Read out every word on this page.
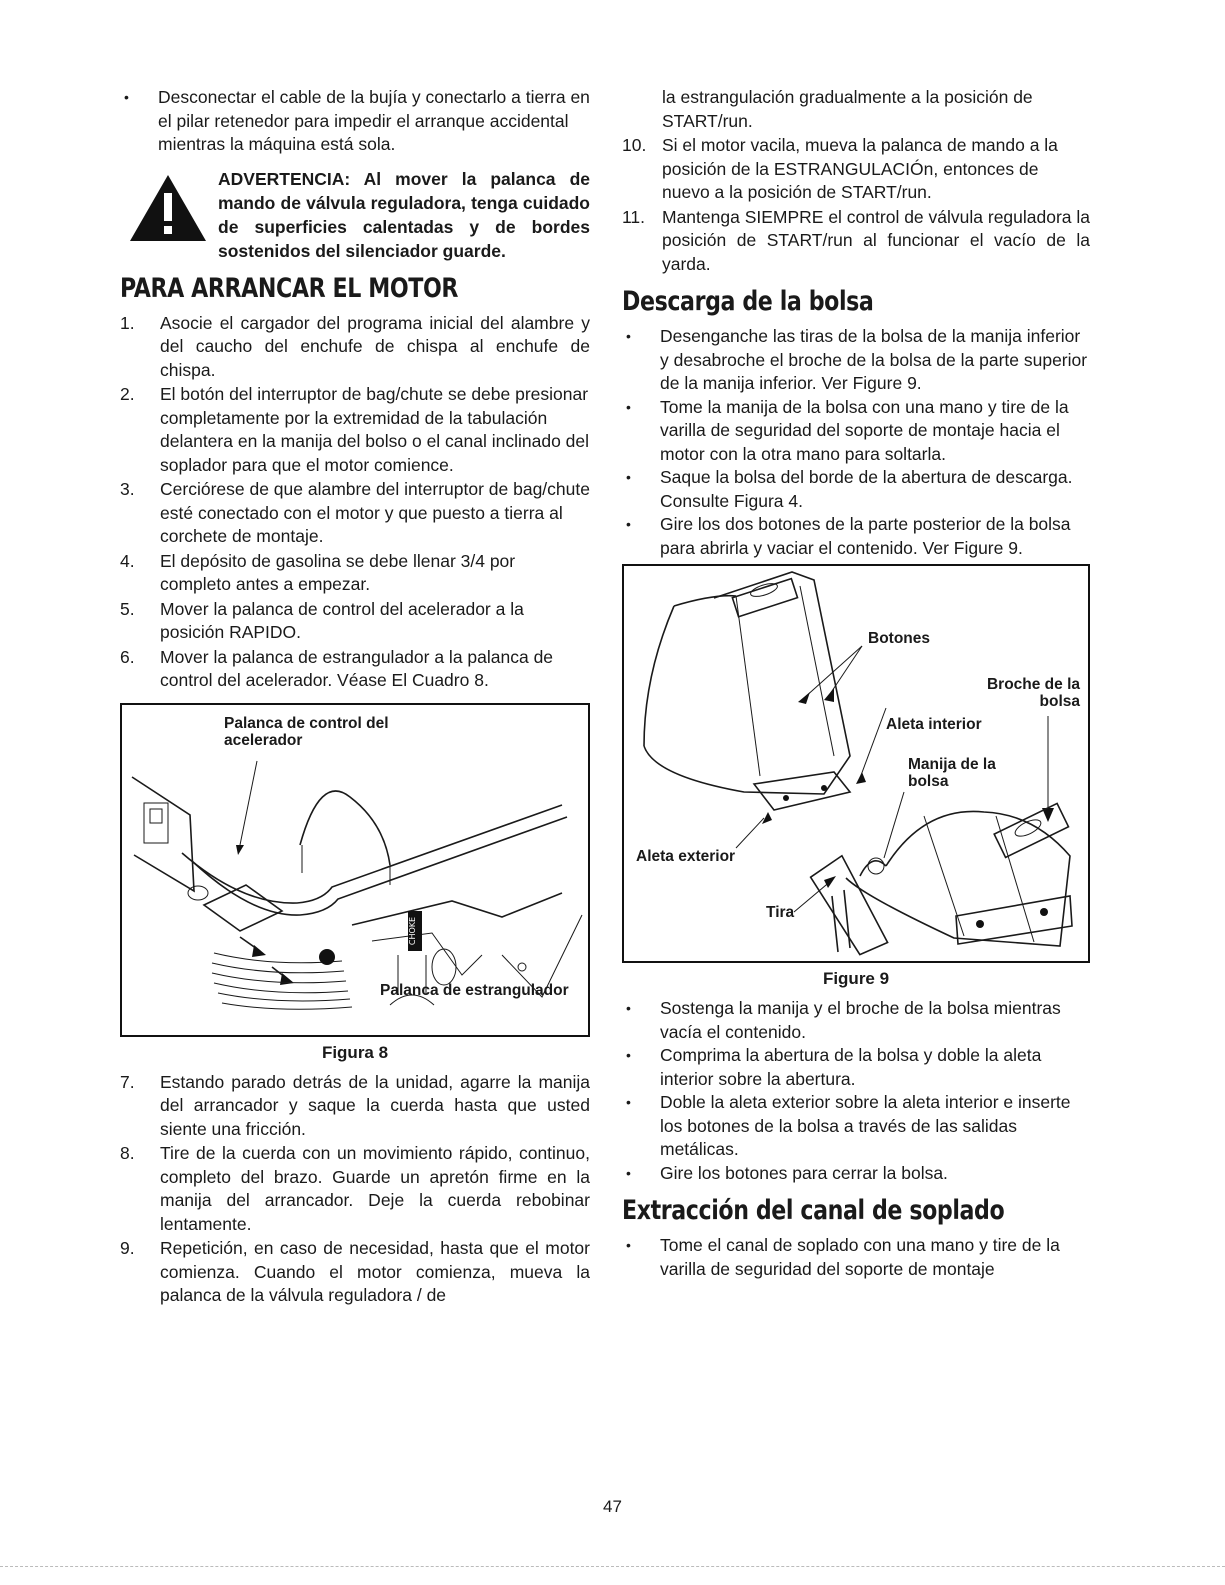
• Desconectar el cable de la bujía y conectarlo a tierra en el pilar retenedor para impedir el arranque accidental mientras la máquina está sola.

ADVERTENCIA: Al mover la palanca de mando de válvula reguladora, tenga cuidado de superficies calentadas y de bordes sostenidos del silenciador guarde.

PARA ARRANCAR EL MOTOR
1. Asocie el cargador del programa inicial del alambre y del caucho del enchufe de chispa al enchufe de chispa.
2. El botón del interruptor de bag/chute se debe presionar completamente por la extremidad de la tabulación delantera en la manija del bolso o el canal inclinado del soplador para que el motor comience.
3. Cerciórese de que alambre del interruptor de bag/chute esté conectado con el motor y que puesto a tierra al corchete de montaje.
4. El depósito de gasolina se debe llenar 3/4 por completo antes a empezar.
5. Mover la palanca de control del acelerador a la posición RAPIDO.
6. Mover la palanca de estrangulador a la palanca de control del acelerador. Véase El Cuadro 8.
Palanca de control del acelerador
CHOKE
Palanca de estrangulador
Figura 8
7. Estando parado detrás de la unidad, agarre la manija del arrancador y saque la cuerda hasta que usted siente una fricción.
8. Tire de la cuerda con un movimiento rápido, continuo, completo del brazo. Guarde un apretón firme en la manija del arrancador. Deje la cuerda rebobinar lentamente.
9. Repetición, en caso de necesidad, hasta que el motor comienza. Cuando el motor comienza, mueva la palanca de la válvula reguladora / de
la estrangulación gradualmente a la posición de START/run.
10. Si el motor vacila, mueva la palanca de mando a la posición de la ESTRANGULACIÓn, entonces de nuevo a la posición de START/run.
11. Mantenga SIEMPRE el control de válvula reguladora la posición de START/run al funcionar el vacío de la yarda.
Descarga de la bolsa
• Desenganche las tiras de la bolsa de la manija inferior y desabroche el broche de la bolsa de la parte superior de la manija inferior. Ver Figure 9.
• Tome la manija de la bolsa con una mano y tire de la varilla de seguridad del soporte de montaje hacia el motor con la otra mano para soltarla.
• Saque la bolsa del borde de la abertura de descarga. Consulte Figura 4.
• Gire los dos botones de la parte posterior de la bolsa para abrirla y vaciar el contenido. Ver Figure 9.
Botones
Broche de la bolsa
Aleta interior
Manija de la bolsa
Aleta exterior
Tira
Figure 9
• Sostenga la manija y el broche de la bolsa mientras vacía el contenido.
• Comprima la abertura de la bolsa y doble la aleta interior sobre la abertura.
• Doble la aleta exterior sobre la aleta interior e inserte los botones de la bolsa a través de las salidas metálicas.
• Gire los botones para cerrar la bolsa.
Extracción del canal de soplado
• Tome el canal de soplado con una mano y tire de la varilla de seguridad del soporte de montaje
47
